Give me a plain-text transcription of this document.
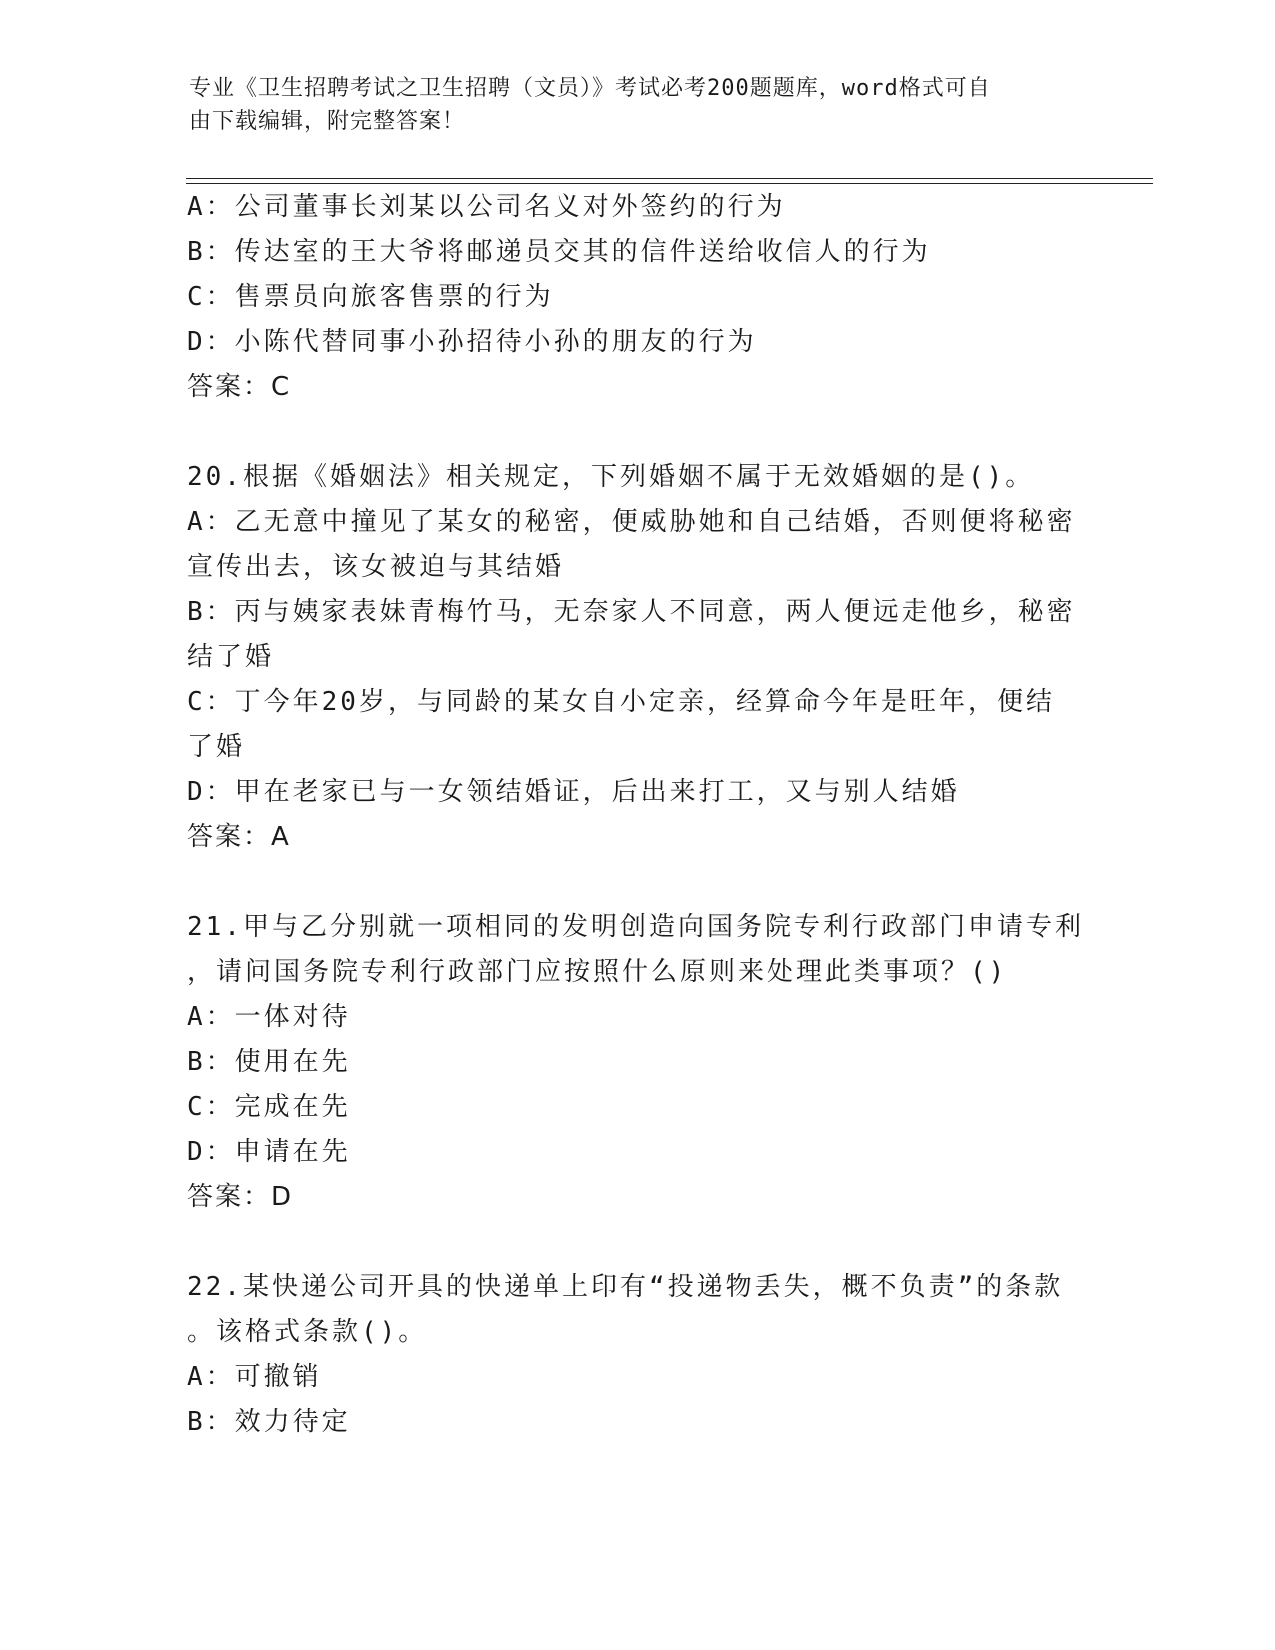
专业《卫生招聘考试之卫生招聘（文员）》考试必考200题题库，word格式可自
由下载编辑，附完整答案！
A：公司董事长刘某以公司名义对外签约的行为
B：传达室的王大爷将邮递员交其的信件送给收信人的行为
C：售票员向旅客售票的行为
D：小陈代替同事小孙招待小孙的朋友的行为
答案：C
20.根据《婚姻法》相关规定，下列婚姻不属于无效婚姻的是()。
A：乙无意中撞见了某女的秘密，便威胁她和自己结婚，否则便将秘密
宣传出去，该女被迫与其结婚
B：丙与姨家表妹青梅竹马，无奈家人不同意，两人便远走他乡，秘密
结了婚
C：丁今年20岁，与同龄的某女自小定亲，经算命今年是旺年，便结
了婚
D：甲在老家已与一女领结婚证，后出来打工，又与别人结婚
答案：A
21.甲与乙分别就一项相同的发明创造向国务院专利行政部门申请专利
，请问国务院专利行政部门应按照什么原则来处理此类事项？()
A：一体对待
B：使用在先
C：完成在先
D：申请在先
答案：D
22.某快递公司开具的快递单上印有“投递物丢失，概不负责”的条款
。该格式条款()。
A：可撤销
B：效力待定
